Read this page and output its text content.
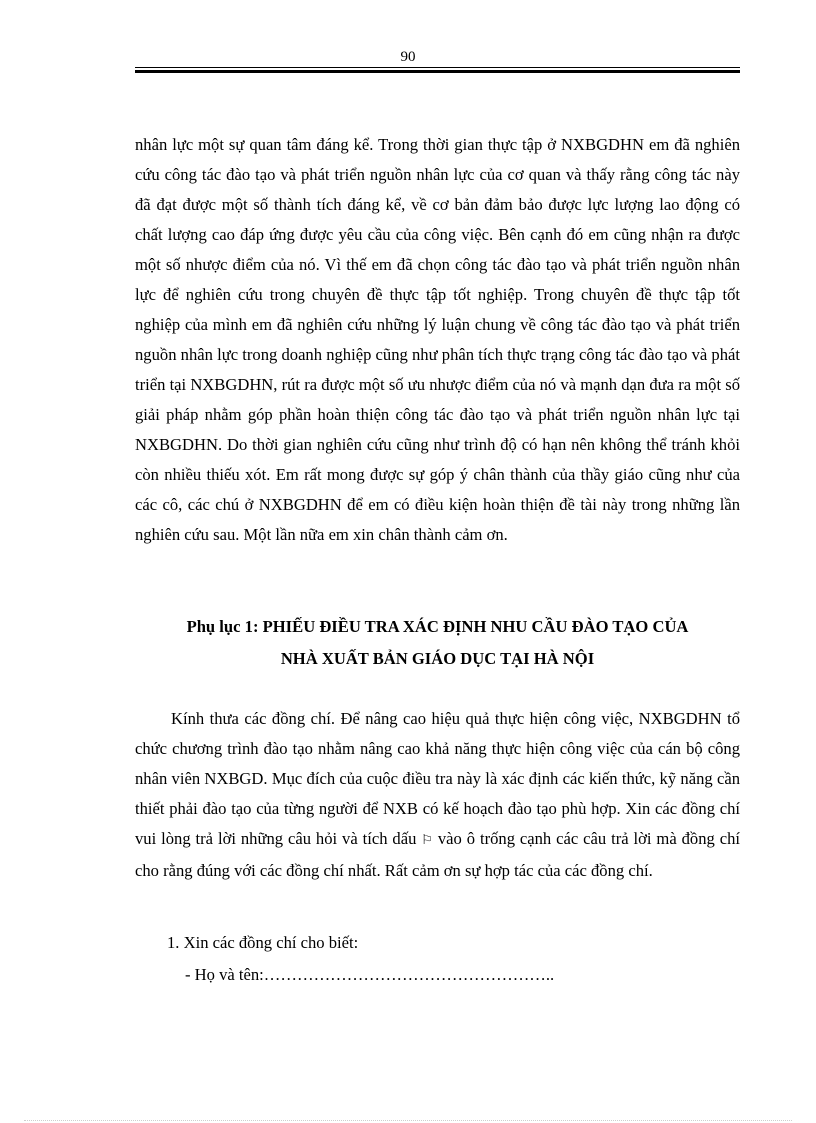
90

nhân lực một sự quan tâm đáng kể. Trong thời gian thực tập ở NXBGDHN em đã nghiên cứu công tác đào tạo và phát triển nguồn nhân lực của cơ quan và thấy rằng công tác này đã đạt được một số thành tích đáng kể, về cơ bản đảm bảo được lực lượng lao động có chất lượng cao đáp ứng được yêu cầu của công việc. Bên cạnh đó em cũng nhận ra được một số nhược điểm của nó. Vì thế em đã chọn công tác đào tạo và phát triển nguồn nhân lực để nghiên cứu trong chuyên đề thực tập tốt nghiệp. Trong chuyên đề thực tập tốt nghiệp của mình em đã nghiên cứu những lý luận chung về công tác đào tạo và phát triển nguồn nhân lực trong doanh nghiệp cũng như phân tích thực trạng công tác đào tạo và phát triển tại NXBGDHN, rút ra được một số ưu nhược điểm của nó và mạnh dạn đưa ra một số giải pháp nhằm góp phần hoàn thiện công tác đào tạo và phát triển nguồn nhân lực tại NXBGDHN. Do thời gian nghiên cứu cũng như trình độ có hạn nên không thể tránh khỏi còn nhiều thiếu xót. Em rất mong được sự góp ý chân thành của thầy giáo cũng như của các cô, các chú ở NXBGDHN để em có điều kiện hoàn thiện đề tài này trong những lần nghiên cứu sau. Một lần nữa em xin chân thành cảm ơn.

Phụ lục 1: PHIẾU ĐIỀU TRA XÁC ĐỊNH NHU CẦU ĐÀO TẠO CỦA
NHÀ XUẤT BẢN GIÁO DỤC TẠI HÀ NỘI

Kính thưa các đồng chí. Để nâng cao hiệu quả thực hiện công việc, NXBGDHN tổ chức chương trình đào tạo nhằm nâng cao khả năng thực hiện công việc của cán bộ công nhân viên NXBGD. Mục đích của cuộc điều tra này là xác định các kiến thức, kỹ năng cần thiết phải đào tạo của từng người để NXB có kế hoạch đào tạo phù hợp. Xin các đồng chí vui lòng trả lời những câu hỏi và tích dấu ⚐ vào ô trống cạnh các câu trả lời mà đồng chí cho rằng đúng với các đồng chí nhất. Rất cảm ơn sự hợp tác của các đồng chí.

1. Xin các đồng chí cho biết:

- Họ và tên:……………………………………………..
